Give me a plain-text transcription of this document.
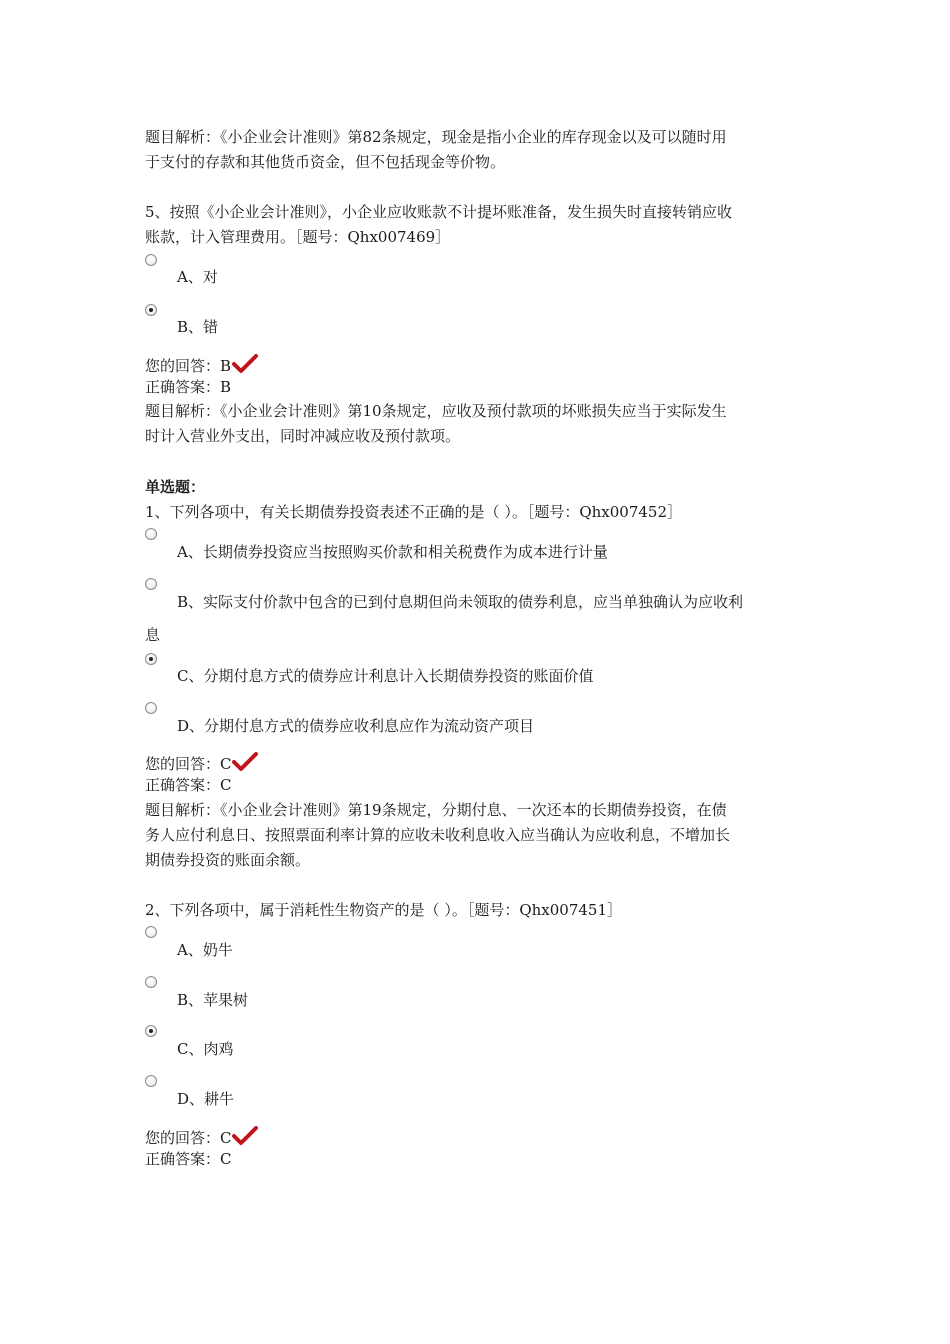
题目解析：《小企业会计准则》第82条规定，现金是指小企业的库存现金以及可以随时用
于支付的存款和其他货币资金，但不包括现金等价物。
5、按照《小企业会计准则》，小企业应收账款不计提坏账准备，发生损失时直接转销应收
账款，计入管理费用。［题号：Qhx007469］
A、对
B、错
您的回答：B
正确答案：B
题目解析：《小企业会计准则》第10条规定，应收及预付款项的坏账损失应当于实际发生
时计入营业外支出，同时冲减应收及预付款项。
单选题：
1、下列各项中，有关长期债券投资表述不正确的是（ ）。［题号：Qhx007452］
A、长期债券投资应当按照购买价款和相关税费作为成本进行计量
B、实际支付价款中包含的已到付息期但尚未领取的债券利息，应当单独确认为应收利
息
C、分期付息方式的债券应计利息计入长期债券投资的账面价值
D、分期付息方式的债券应收利息应作为流动资产项目
您的回答：C
正确答案：C
题目解析：《小企业会计准则》第19条规定，分期付息、一次还本的长期债券投资，在债
务人应付利息日、按照票面利率计算的应收未收利息收入应当确认为应收利息，不增加长
期债券投资的账面余额。
2、下列各项中，属于消耗性生物资产的是（ ）。［题号：Qhx007451］
A、奶牛
B、苹果树
C、肉鸡
D、耕牛
您的回答：C
正确答案：C
